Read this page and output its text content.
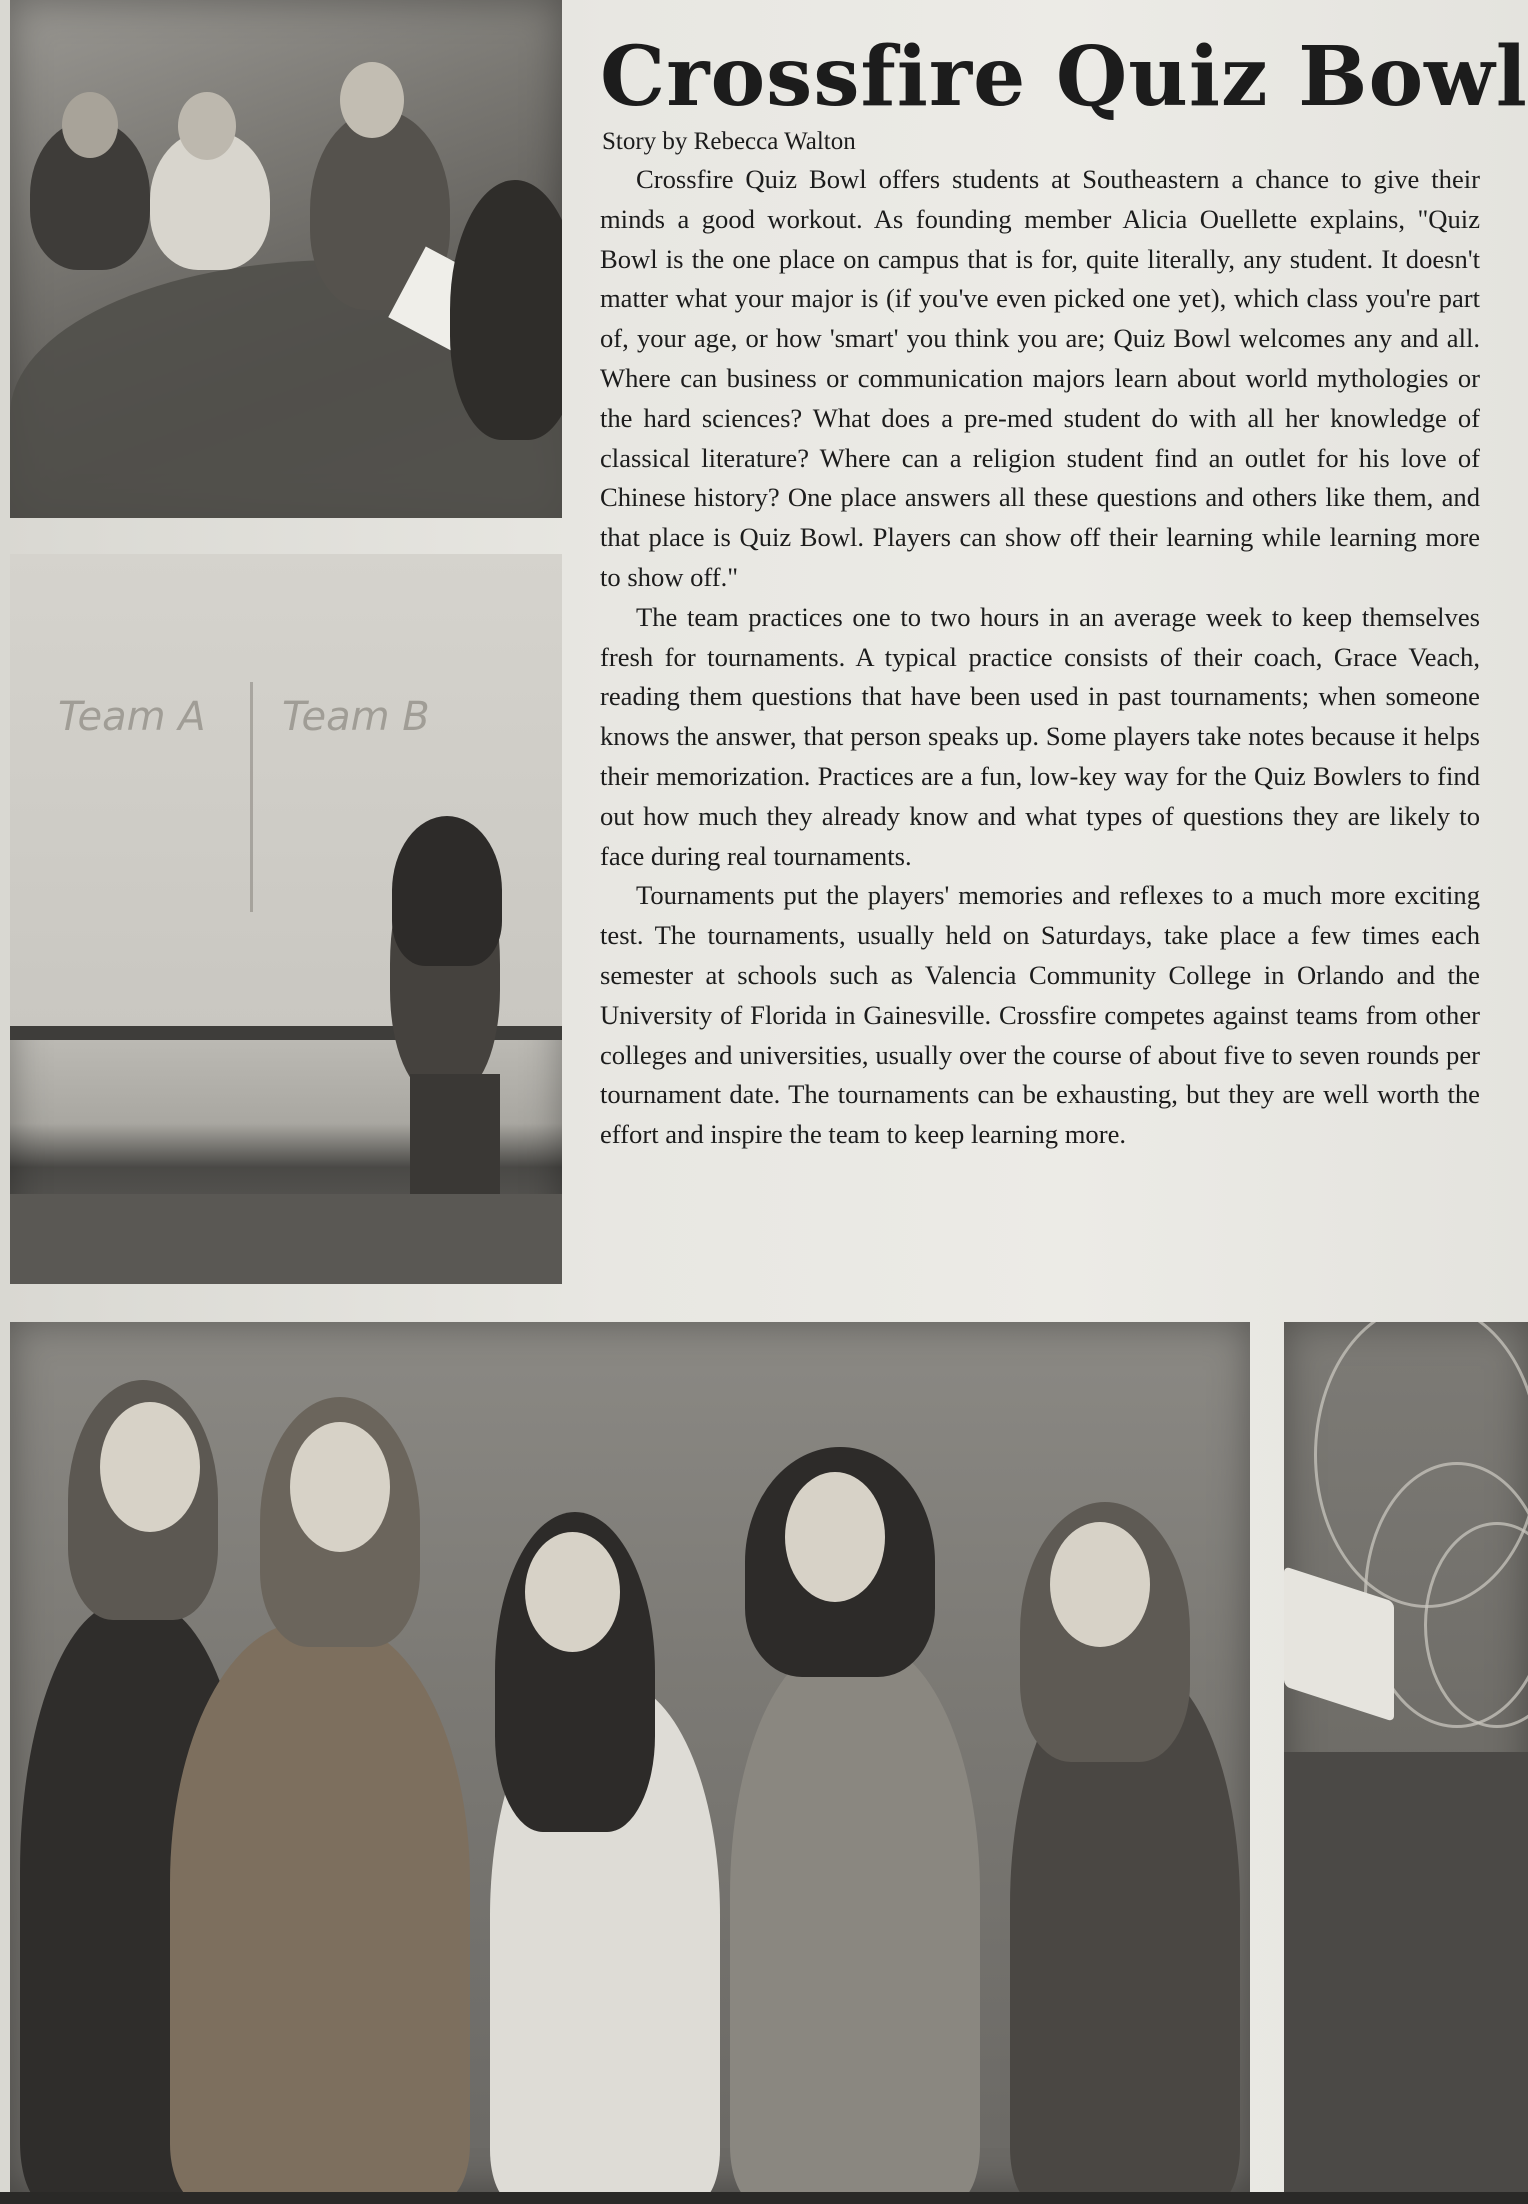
Team A Team B
Crossfire Quiz Bowl
Story by Rebecca Walton

Crossfire Quiz Bowl offers students at Southeastern a chance to give their minds a good workout. As founding member Alicia Ouellette explains, "Quiz Bowl is the one place on campus that is for, quite literally, any student. It doesn't matter what your major is (if you've even picked one yet), which class you're part of, your age, or how 'smart' you think you are; Quiz Bowl welcomes any and all. Where can business or communication majors learn about world mythologies or the hard sciences? What does a pre-med student do with all her knowledge of classical literature? Where can a religion student find an outlet for his love of Chinese history? One place answers all these questions and others like them, and that place is Quiz Bowl. Players can show off their learning while learning more to show off."

The team practices one to two hours in an average week to keep themselves fresh for tournaments. A typical practice consists of their coach, Grace Veach, reading them questions that have been used in past tournaments; when someone knows the answer, that person speaks up. Some players take notes because it helps their memorization. Practices are a fun, low-key way for the Quiz Bowlers to find out how much they already know and what types of questions they are likely to face during real tournaments.

Tournaments put the players' memories and reflexes to a much more exciting test. The tournaments, usually held on Saturdays, take place a few times each semester at schools such as Valencia Community College in Orlando and the University of Florida in Gainesville. Crossfire competes against teams from other colleges and universities, usually over the course of about five to seven rounds per tournament date. The tournaments can be exhausting, but they are well worth the effort and inspire the team to keep learning more.
